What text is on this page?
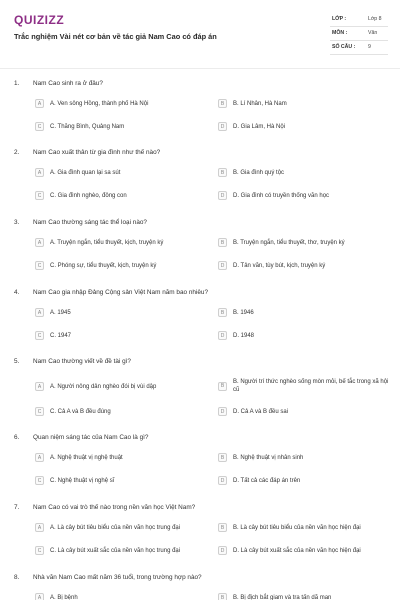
QUIZIZZ
Trắc nghiệm Vài nét cơ bản về tác giả Nam Cao có đáp án
LỚP :	Lớp 8
MÔN :	Văn
SỐ CÂU : 9
1. Nam Cao sinh ra ở đâu?
A	A. Ven sông Hồng, thành phố Hà Nội	B	B. Lí Nhân, Hà Nam
C	C. Thăng Bình, Quảng Nam	D	D. Gia Lâm, Hà Nội
2. Nam Cao xuất thân từ gia đình như thế nào?
A	A. Gia đình quan lại sa sút	B	B. Gia đình quý tộc
C	C. Gia đình nghèo, đông con	D	D. Gia đình có truyền thống văn học
3. Nam Cao thường sáng tác thể loại nào?
A	A. Truyện ngắn, tiểu thuyết, kịch, truyện ký	B	B. Truyện ngắn, tiểu thuyết, thơ, truyện ký
C	C. Phóng sự, tiểu thuyết, kịch, truyện ký	D	D. Tản văn, tùy bút, kịch, truyện ký
4. Nam Cao gia nhập Đảng Cộng sản Việt Nam năm bao nhiêu?
A	A. 1945	B	B. 1946
C	C. 1947	D	D. 1948
5. Nam Cao thường viết về đề tài gì?
A	A. Người nông dân nghèo đói bị vùi dập	B
B. Người trí thức nghèo sống mòn mỏi, bế tắc trong xã hội cũ
C	C. Cả A và B đều đúng	D	D. Cả A và B đều sai
6. Quan niệm sáng tác của Nam Cao là gì?
A	A. Nghệ thuật vị nghệ thuật	B	B. Nghệ thuật vị nhân sinh
C	C. Nghệ thuật vị nghệ sĩ	D	D. Tất cả các đáp án trên
7. Nam Cao có vai trò thế nào trong nền văn học Việt Nam?
A	A. Là cây bút tiêu biểu của nền văn học trung đại	B	B. Là cây bút tiêu biểu của nền văn học hiện đại
C	C. Là cây bút xuất sắc của nền văn học trung đại	D	D. Là cây bút xuất sắc của nền văn học hiện đại
8. Nhà văn Nam Cao mất năm 36 tuổi, trong trường hợp nào?
A	A. Bị bệnh	B	B. Bị địch bắt giam và tra tấn dã man
